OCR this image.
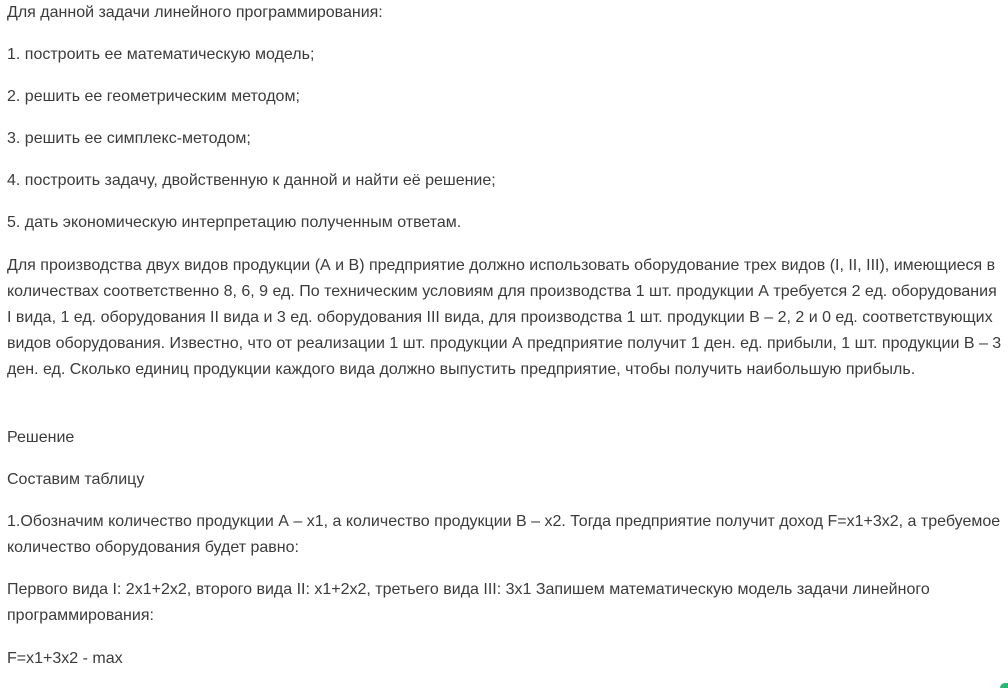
Для данной задачи линейного программирования:

1. построить ее математическую модель;

2. решить ее геометрическим методом;

3. решить ее симплекс-методом;

4. построить задачу, двойственную к данной и найти её решение;

5. дать экономическую интерпретацию полученным ответам.

Для производства двух видов продукции (А и В) предприятие должно использовать оборудование трех видов (I, II, III), имеющиеся в количествах соответственно 8, 6, 9 ед. По техническим условиям для производства 1 шт. продукции А требуется 2 ед. оборудования I вида, 1 ед. оборудования II вида и 3 ед. оборудования III вида, для производства 1 шт. продукции В – 2, 2 и 0 ед. соответствующих видов оборудования. Известно, что от реализации 1 шт. продукции А предприятие получит 1 ден. ед. прибыли, 1 шт. продукции В – 3 ден. ед. Сколько единиц продукции каждого вида должно выпустить предприятие, чтобы получить наибольшую прибыль.

Решение

Составим таблицу

1.Обозначим количество продукции А – x1, а количество продукции В – x2. Тогда предприятие получит доход F=x1+3x2, а требуемое количество оборудования будет равно:

Первого вида I: 2x1+2x2, второго вида II: x1+2x2, третьего вида III: 3x1 Запишем математическую модель задачи линейного программирования:

F=x1+3x2 - max
